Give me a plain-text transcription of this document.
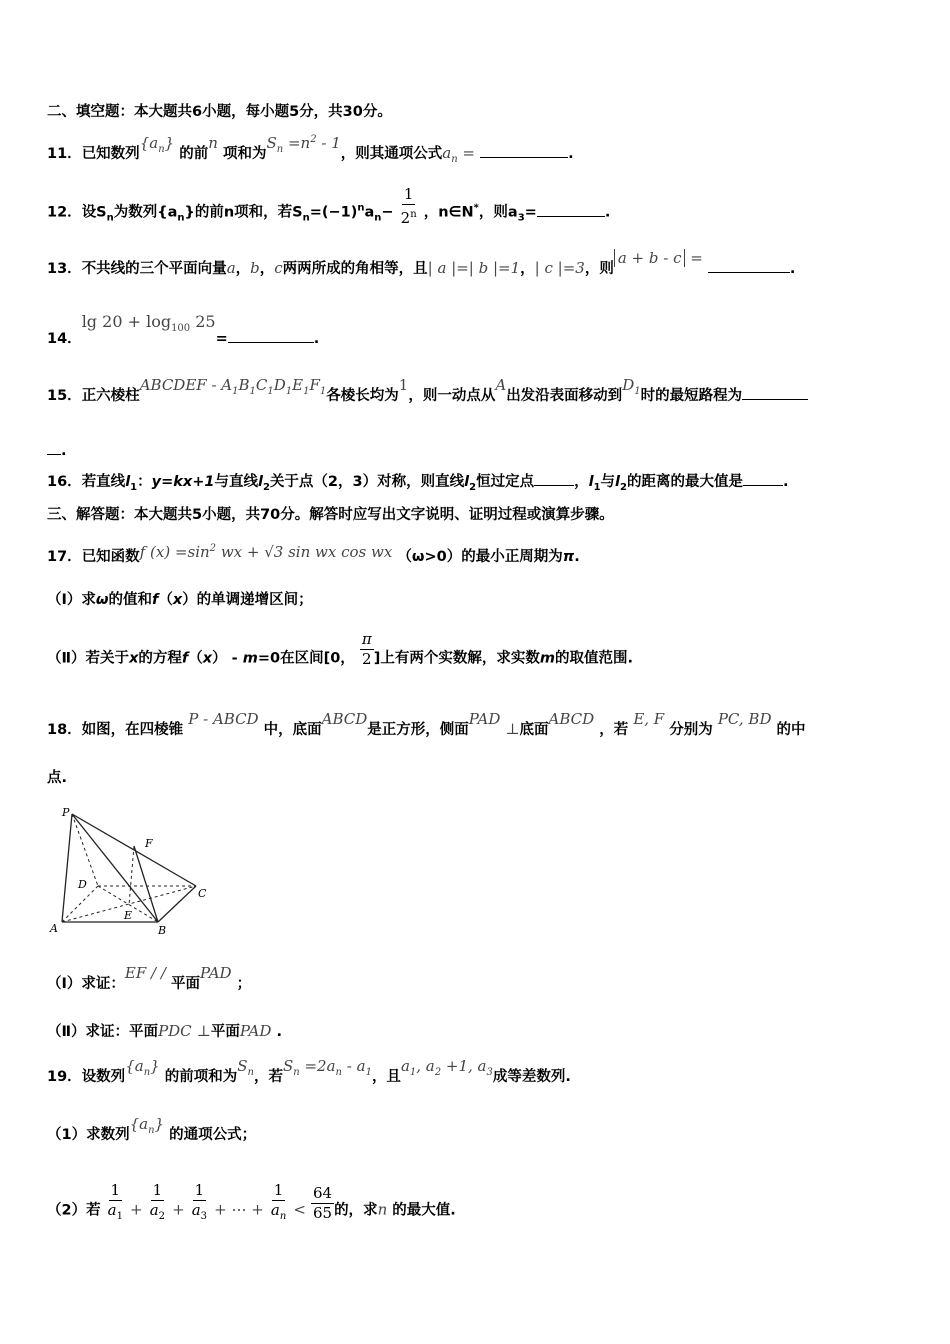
二、填空题：本大题共6小题，每小题5分，共30分。
11．已知数列$\{a_n\}$ 的前n 项和为$S_n =n^2 - 1$，则其通项公式$a_n$ =	.
12．设$S_n$为数列$\{a_n\}$的前n项和，若$S_n=(-1)^na_n- \frac{1}{2^n}$ ，n∈N*，则$a_3=$	.
13．不共线的三个平面向量a，b，c两两所成的角相等，且| a |=| b |=1，| c |=3，则a + b - c = .
14．$\lg 20 + \log_{100} 25=$	.
15．正六棱柱ABCDEF - $A_1B_1C_1D_1E_1F_1$各棱长均为1，则一动点从A出发沿表面移动到$D_1$时的最短路程为
.
16．若直线$l_1$：y=kx+1与直线$l_2$关于点（2，3）对称，则直线$l_2$恒过定点	，$l_1$与$l_2$的距离的最大值是	.
三、解答题：本大题共5小题，共70分。解答时应写出文字说明、证明过程或演算步骤。
17．已知函数f $(x) =\sin^2$ wx + √3 sin wx cos wx （ω>0）的最小正周期为π.
（Ⅰ）求ω的值和f（x）的单调递增区间；
（Ⅱ）若关于x的方程f（x） - m=0在区间[0， $\frac{\pi}{2}$ ]上有两个实数解，求实数m的取值范围.
18．如图，在四棱锥 P - ABCD 中，底面ABCD是正方形，侧面PAD ⊥底面ABCD ，若 E, F 分别为 PC, BD 的中
点.
P
A	B
C
D
E
F
（Ⅰ）求证：EF / / 平面PAD ；
（Ⅱ）求证：平面PDC ⊥平面PAD .
19．设数列$\{a_n\}$ 的前项和为$S_n$，若$S_n =2a_n - a_1$，且$a_1$, $a_2 +1$, $a_3$成等差数列.
（1）求数列$\{a_n\}$ 的通项公式；
（2）若 $\frac{1}{a_1} + \frac{1}{a_2} + \frac{1}{a_3}$ + ⋯ + $\frac{1}{a_n} < \frac{64}{65}$ 的，求n 的最大值.
